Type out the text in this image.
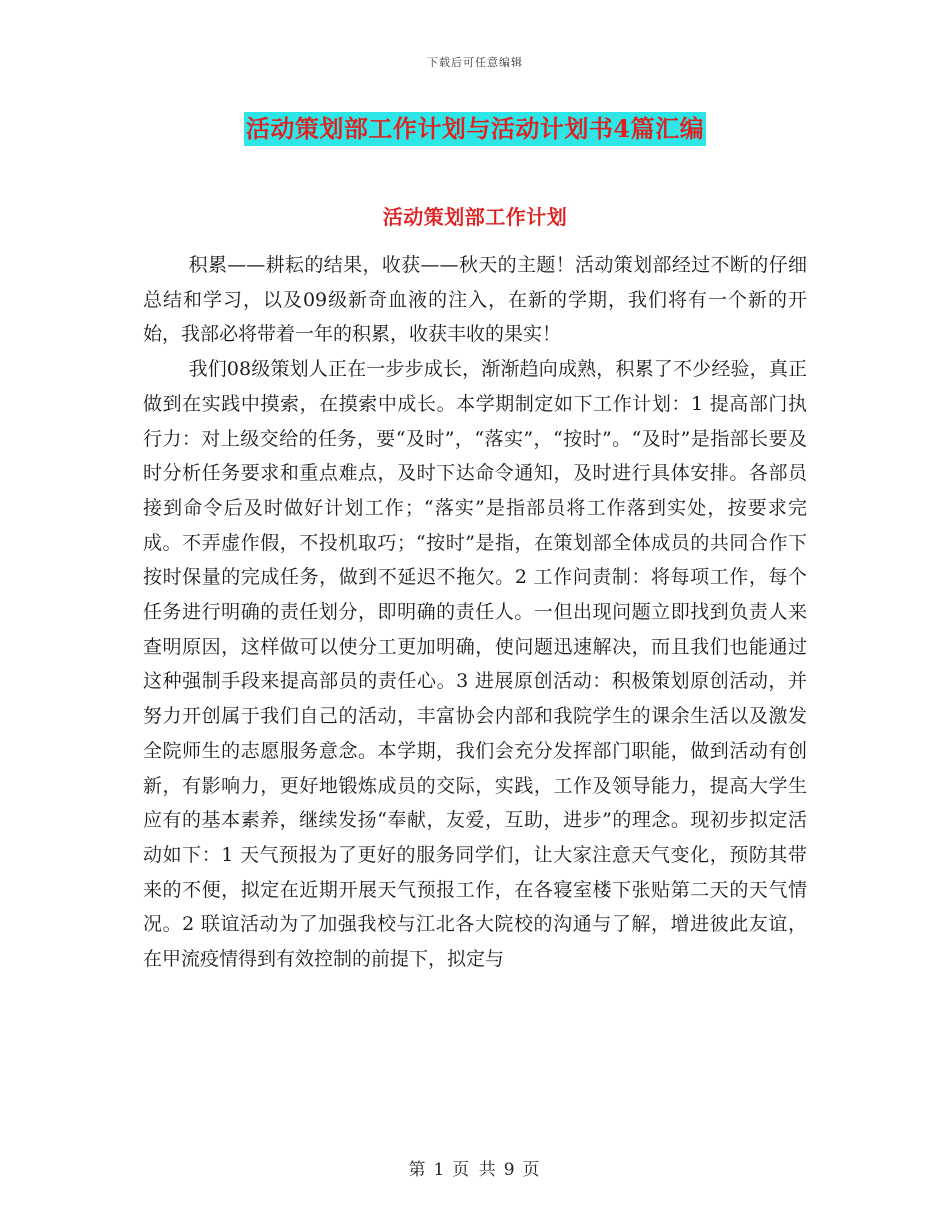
下载后可任意编辑
活动策划部工作计划与活动计划书4篇汇编
活动策划部工作计划

积累——耕耘的结果，收获——秋天的主题！活动策划部经过不断的仔细总结和学习，以及09级新奇血液的注入，在新的学期，我们将有一个新的开始，我部必将带着一年的积累，收获丰收的果实！

我们08级策划人正在一步步成长，渐渐趋向成熟，积累了不少经验，真正做到在实践中摸索，在摸索中成长。本学期制定如下工作计划：1 提高部门执行力：对上级交给的任务，要“及时”，“落实”，“按时”。“及时”是指部长要及时分析任务要求和重点难点，及时下达命令通知，及时进行具体安排。各部员接到命令后及时做好计划工作；“落实”是指部员将工作落到实处，按要求完成。不弄虚作假，不投机取巧；“按时”是指，在策划部全体成员的共同合作下按时保量的完成任务，做到不延迟不拖欠。2 工作问责制：将每项工作，每个任务进行明确的责任划分，即明确的责任人。一但出现问题立即找到负责人来查明原因，这样做可以使分工更加明确，使问题迅速解决，而且我们也能通过这种强制手段来提高部员的责任心。3 进展原创活动：积极策划原创活动，并努力开创属于我们自己的活动，丰富协会内部和我院学生的课余生活以及激发全院师生的志愿服务意念。本学期，我们会充分发挥部门职能，做到活动有创新，有影响力，更好地锻炼成员的交际，实践，工作及领导能力，提高大学生应有的基本素养，继续发扬“奉献，友爱，互助，进步”的理念。现初步拟定活动如下：1 天气预报为了更好的服务同学们，让大家注意天气变化，预防其带来的不便，拟定在近期开展天气预报工作，在各寝室楼下张贴第二天的天气情况。2 联谊活动为了加强我校与江北各大院校的沟通与了解，增进彼此友谊，在甲流疫情得到有效控制的前提下，拟定与

第 1 页 共 9 页
